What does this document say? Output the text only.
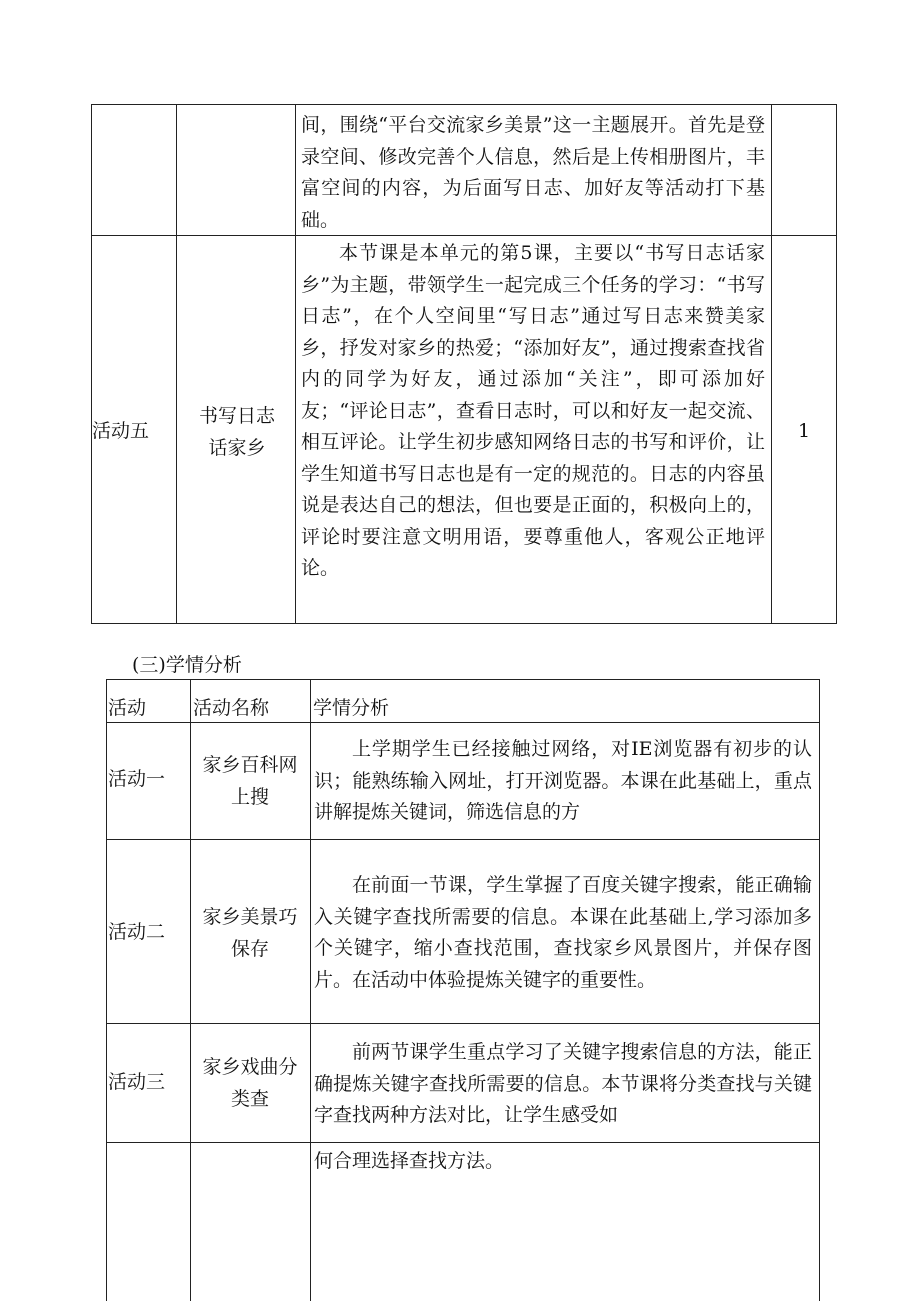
间，围绕“平台交流家乡美景”这一主题展开。首先是登录空间、修改完善个人信息，然后是上传相册图片，丰富空间的内容，为后面写日志、加好友等活动打下基础。
活动五
书写日志话家乡
本节课是本单元的第5课，主要以“书写日志话家乡”为主题，带领学生一起完成三个任务的学习：“书写日志”，在个人空间里“写日志”通过写日志来赞美家乡，抒发对家乡的热爱；“添加好友”，通过搜索查找省内的同学为好友，通过添加“关注”，即可添加好友；“评论日志”，查看日志时，可以和好友一起交流、相互评论。让学生初步感知网络日志的书写和评价，让学生知道书写日志也是有一定的规范的。日志的内容虽说是表达自己的想法，但也要是正面的，积极向上的，评论时要注意文明用语，要尊重他人，客观公正地评论。
1
(三)学情分析
活动 活动名称 学情分析
活动一
家乡百科网上搜
上学期学生已经接触过网络，对IE浏览器有初步的认识；能熟练输入网址，打开浏览器。本课在此基础上，重点讲解提炼关键词，筛选信息的方
活动二
家乡美景巧保存
在前面一节课，学生掌握了百度关键字搜索，能正确输入关键字查找所需要的信息。本课在此基础上,学习添加多个关键字，缩小查找范围，查找家乡风景图片，并保存图片。在活动中体验提炼关键字的重要性。
活动三
家乡戏曲分类查
前两节课学生重点学习了关键字搜索信息的方法，能正确提炼关键字查找所需要的信息。本节课将分类查找与关键字查找两种方法对比，让学生感受如
何合理选择查找方法。
